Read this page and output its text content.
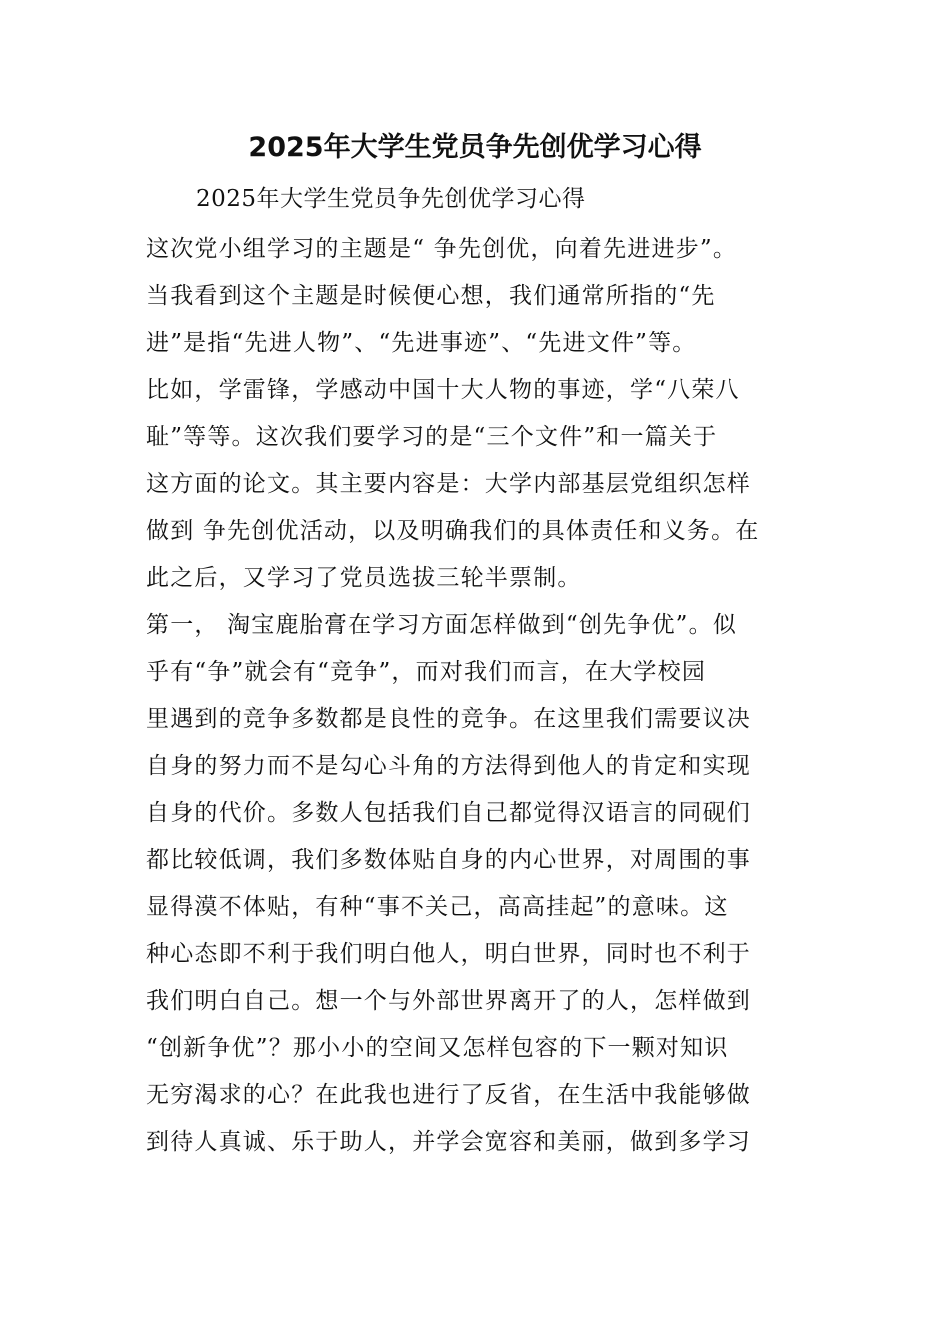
2025年大学生党员争先创优学习心得
2025年大学生党员争先创优学习心得
这次党小组学习的主题是“ 争先创优，向着先进进步”。
当我看到这个主题是时候便心想，我们通常所指的“先
进”是指“先进人物”、“先进事迹”、“先进文件”等。
比如，学雷锋，学感动中国十大人物的事迹，学“八荣八
耻”等等。这次我们要学习的是“三个文件”和一篇关于
这方面的论文。其主要内容是：大学内部基层党组织怎样
做到 争先创优活动，以及明确我们的具体责任和义务。在
此之后，又学习了党员选拔三轮半票制。
第一， 淘宝鹿胎膏在学习方面怎样做到“创先争优”。似
乎有“争”就会有“竞争”，而对我们而言，在大学校园
里遇到的竞争多数都是良性的竞争。在这里我们需要议决
自身的努力而不是勾心斗角的方法得到他人的肯定和实现
自身的代价。多数人包括我们自己都觉得汉语言的同砚们
都比较低调，我们多数体贴自身的内心世界，对周围的事
显得漠不体贴，有种“事不关己，高高挂起”的意味。这
种心态即不利于我们明白他人，明白世界，同时也不利于
我们明白自己。想一个与外部世界离开了的人，怎样做到
“创新争优”？那小小的空间又怎样包容的下一颗对知识
无穷渴求的心？在此我也进行了反省，在生活中我能够做
到待人真诚、乐于助人，并学会宽容和美丽，做到多学习
